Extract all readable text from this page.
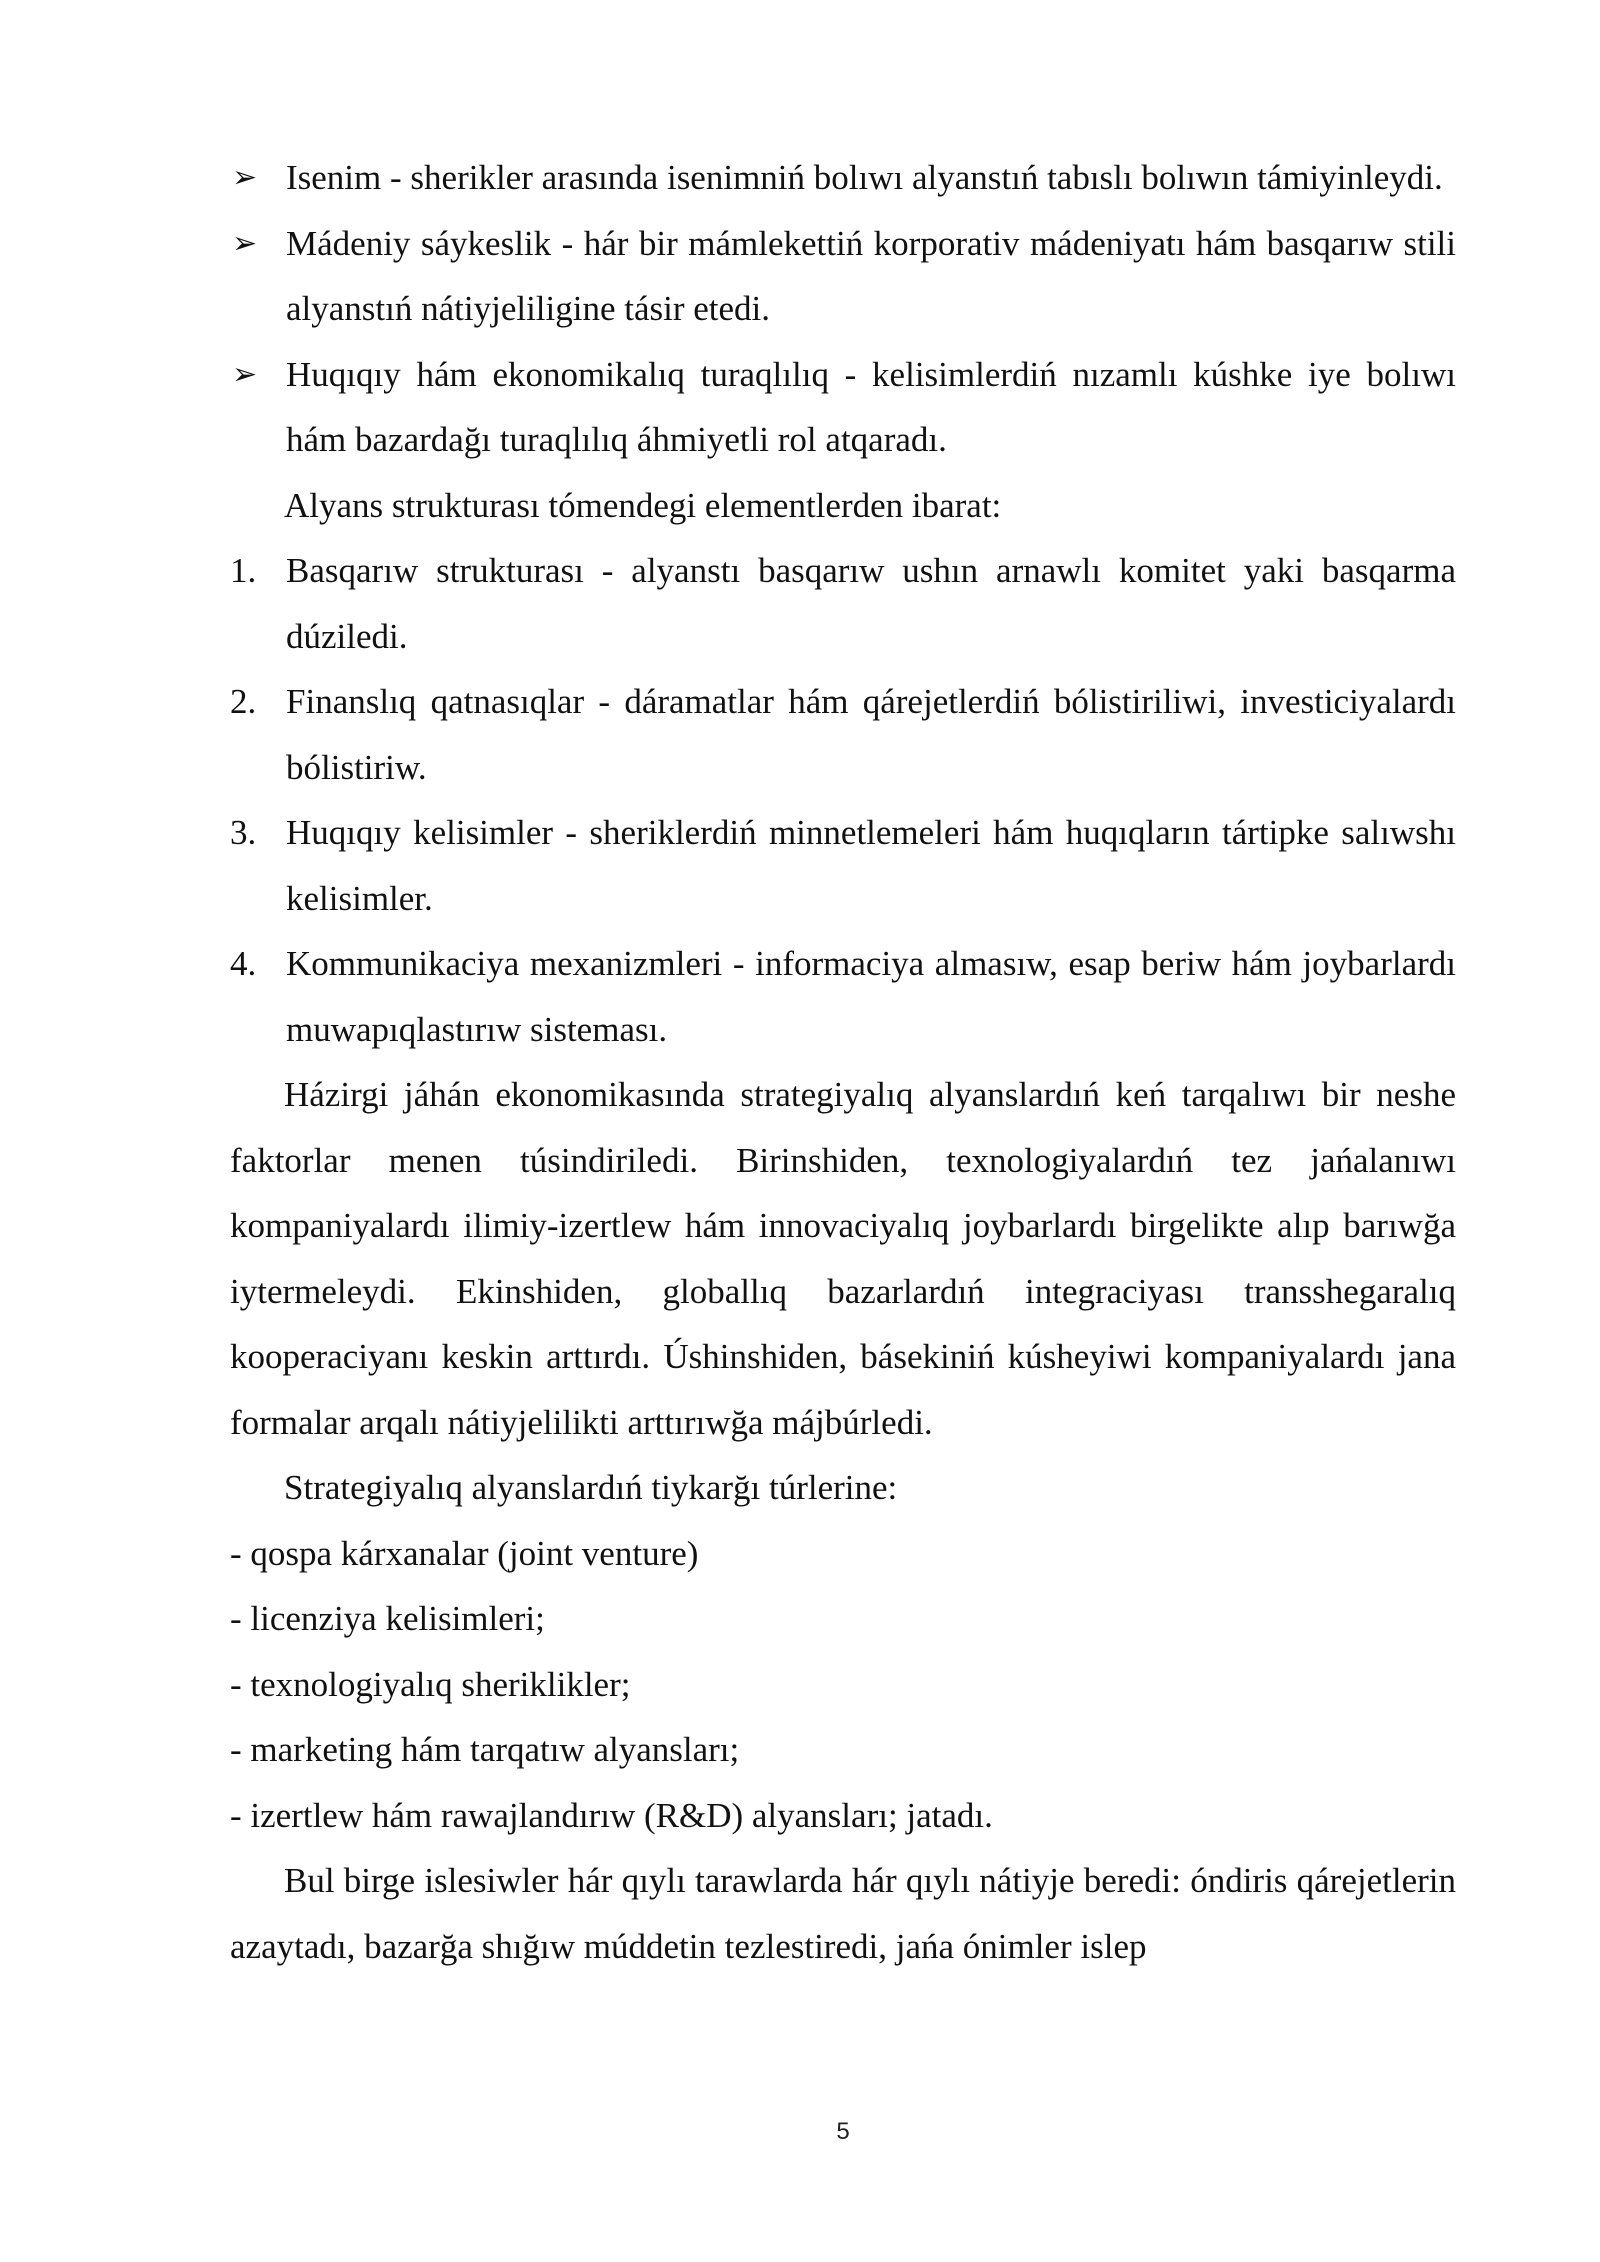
➢ Isenim - sherikler arasında isenimniń bolıwı alyanstıń tabıslı bolıwın támiyinleydi.
➢ Mádeniy sáykeslik - hár bir mámlekettiń korporativ mádeniyatı hám basqarıw stili alyanstıń nátiyjeliligine tásir etedi.
➢ Huqıqıy hám ekonomikalıq turaqlılıq - kelisimlerdiń nızamlı kúshke iye bolıwı hám bazardağı turaqlılıq áhmiyetli rol atqaradı.
Alyans strukturası tómendegi elementlerden ibarat:
1. Basqarıw strukturası - alyanstı basqarıw ushın arnawlı komitet yaki basqarma dúziledi.
2. Finanslıq qatnasıqlar - dáramatlar hám qárejetlerdiń bólistiriliwi, investiciyalardı bólistiriw.
3. Huqıqıy kelisimler - sheriklerdiń minnetlemeleri hám huqıqların tártipke salıwshı kelisimler.
4. Kommunikaciya mexanizmleri - informaciya almasıw, esap beriw hám joybarlardı muwapıqlastırıw sisteması.

Házirgi jáhán ekonomikasında strategiyalıq alyanslardıń keń tarqalıwı bir neshe faktorlar menen túsindiriledi. Birinshiden, texnologiyalardıń tez jańalanıwı kompaniyalardı ilimiy-izertlew hám innovaciyalıq joybarlardı birgelikte alıp barıwğa iytermeleydi. Ekinshiden, globallıq bazarlardıń integraciyası transshegaralıq kooperaciyanı keskin arttırdı. Úshinshiden, básekiniń kúsheyiwi kompaniyalardı jana formalar arqalı nátiyjelilikti arttırıwğa májbúrledi.

Strategiyalıq alyanslardıń tiykarğı túrlerine:
- qospa kárxanalar (joint venture)
- licenziya kelisimleri;
- texnologiyalıq sheriklikler;
- marketing hám tarqatıw alyansları;
- izertlew hám rawajlandırıw (R&D) alyansları; jatadı.

Bul birge islesiwler hár qıylı tarawlarda hár qıylı nátiyje beredi: óndiris qárejetlerin azaytadı, bazarğa shığıw múddetin tezlestiredi, jańa ónimler islep

5
